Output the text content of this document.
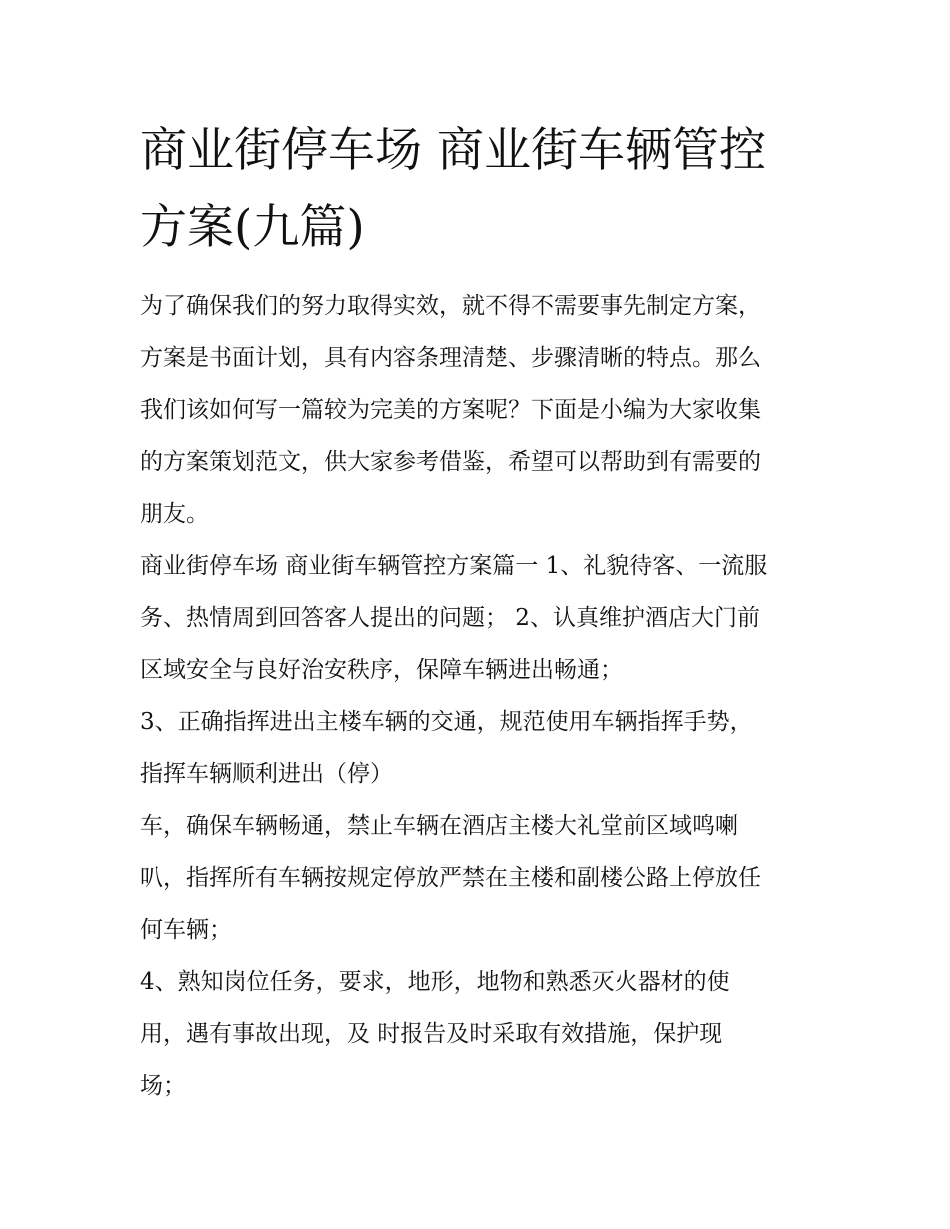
商业街停车场 商业街车辆管控
方案(九篇)

为了确保我们的努力取得实效，就不得不需要事先制定方案，
方案是书面计划，具有内容条理清楚、步骤清晰的特点。那么
我们该如何写一篇较为完美的方案呢？下面是小编为大家收集
的方案策划范文，供大家参考借鉴，希望可以帮助到有需要的
朋友。

商业街停车场 商业街车辆管控方案篇一 1、礼貌待客、一流服
务、热情周到回答客人提出的问题； 2、认真维护酒店大门前
区域安全与良好治安秩序，保障车辆进出畅通；

3、正确指挥进出主楼车辆的交通，规范使用车辆指挥手势，
指挥车辆顺利进出（停）

车，确保车辆畅通，禁止车辆在酒店主楼大礼堂前区域鸣喇
叭，指挥所有车辆按规定停放严禁在主楼和副楼公路上停放任
何车辆；

4、熟知岗位任务，要求，地形，地物和熟悉灭火器材的使
用，遇有事故出现，及 时报告及时采取有效措施，保护现
场；
